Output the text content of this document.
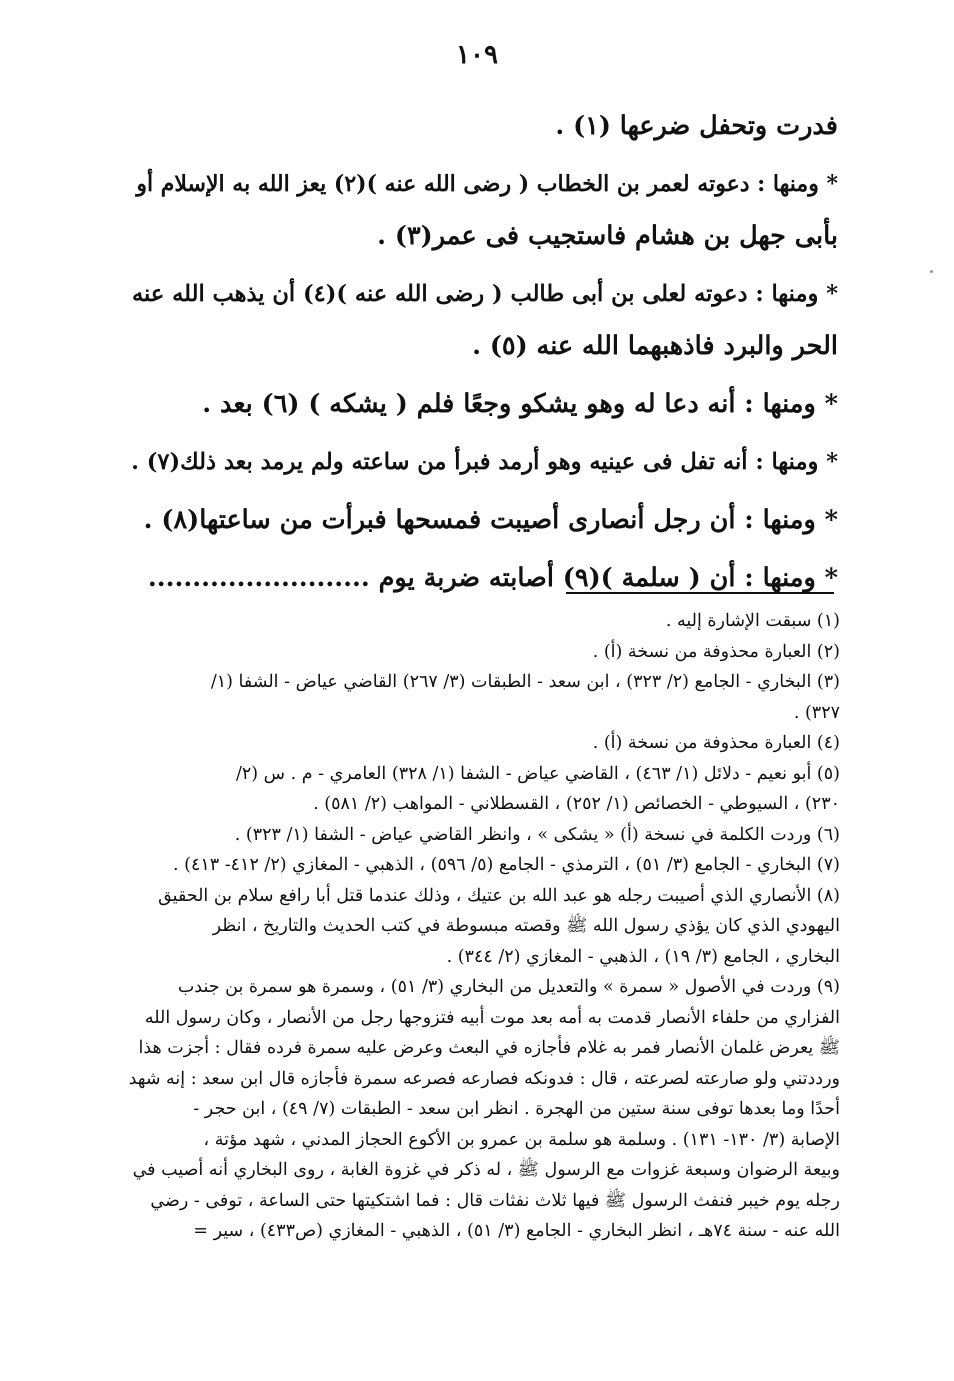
١٠٩
فدرت وتحفل ضرعها (١) .
* ومنها : دعوته لعمر بن الخطاب ( رضى الله عنه )(٢) يعز الله به الإسلام أو
بأبى جهل بن هشام فاستجيب فى عمر(٣) .
* ومنها : دعوته لعلى بن أبى طالب ( رضى الله عنه )(٤) أن يذهب الله عنه
الحر والبرد فاذهبهما الله عنه (٥) .
* ومنها : أنه دعا له وهو يشكو وجعًا فلم ( يشكه ) (٦) بعد .
* ومنها : أنه تفل فى عينيه وهو أرمد فبرأ من ساعته ولم يرمد بعد ذلك(٧) .
* ومنها : أن رجل أنصارى أصيبت فمسحها فبرأت من ساعتها(٨) .
* ومنها : أن ( سلمة )(٩) أصابته ضربة يوم .........................
(١) سبقت الإشارة إليه .
(٢) العبارة محذوفة من نسخة (أ) .
(٣) البخاري - الجامع (٢/ ٣٢٣) ، ابن سعد - الطبقات (٣/ ٢٦٧) القاضي عياض - الشفا (١/
٣٢٧) .
(٤) العبارة محذوفة من نسخة (أ) .
(٥) أبو نعيم - دلائل (١/ ٤٦٣) ، القاضي عياض - الشفا (١/ ٣٢٨) العامري - م . س (٢/
٢٣٠) ، السيوطي - الخصائص (١/ ٢٥٢) ، القسطلاني - المواهب (٢/ ٥٨١) .
(٦) وردت الكلمة في نسخة (أ) « يشكى » ، وانظر القاضي عياض - الشفا (١/ ٣٢٣) .
(٧) البخاري - الجامع (٣/ ٥١) ، الترمذي - الجامع (٥/ ٥٩٦) ، الذهبي - المغازي (٢/ ٤١٢- ٤١٣) .
(٨) الأنصاري الذي أصيبت رجله هو عبد الله بن عتيك ، وذلك عندما قتل أبا رافع سلام بن الحقيق
اليهودي الذي كان يؤذي رسول الله ﷺ وقصته مبسوطة في كتب الحديث والتاريخ ، انظر
البخاري ، الجامع (٣/ ١٩) ، الذهبي - المغازي (٢/ ٣٤٤) .
(٩) وردت في الأصول « سمرة » والتعديل من البخاري (٣/ ٥١) ، وسمرة هو سمرة بن جندب
الفزاري من حلفاء الأنصار قدمت به أمه بعد موت أبيه فتزوجها رجل من الأنصار ، وكان رسول الله
ﷺ يعرض غلمان الأنصار فمر به غلام فأجازه في البعث وعرض عليه سمرة فرده فقال : أجزت هذا
ورددتني ولو صارعته لصرعته ، قال : فدونكه فصارعه فصرعه سمرة فأجازه قال ابن سعد : إنه شهد
أحدًا وما بعدها توفى سنة ستين من الهجرة . انظر ابن سعد - الطبقات (٧/ ٤٩) ، ابن حجر -
الإصابة (٣/ ١٣٠- ١٣١) . وسلمة هو سلمة بن عمرو بن الأكوع الحجاز المدني ، شهد مؤتة ،
وبيعة الرضوان وسبعة غزوات مع الرسول ﷺ ، له ذكر في غزوة الغابة ، روى البخاري أنه أصيب في
رجله يوم خيبر فنفث الرسول ﷺ فيها ثلاث نفثات قال : فما اشتكيتها حتى الساعة ، توفى - رضي
الله عنه - سنة ٧٤هـ ، انظر البخاري - الجامع (٣/ ٥١) ، الذهبي - المغازي (ص٤٣٣) ، سير =
